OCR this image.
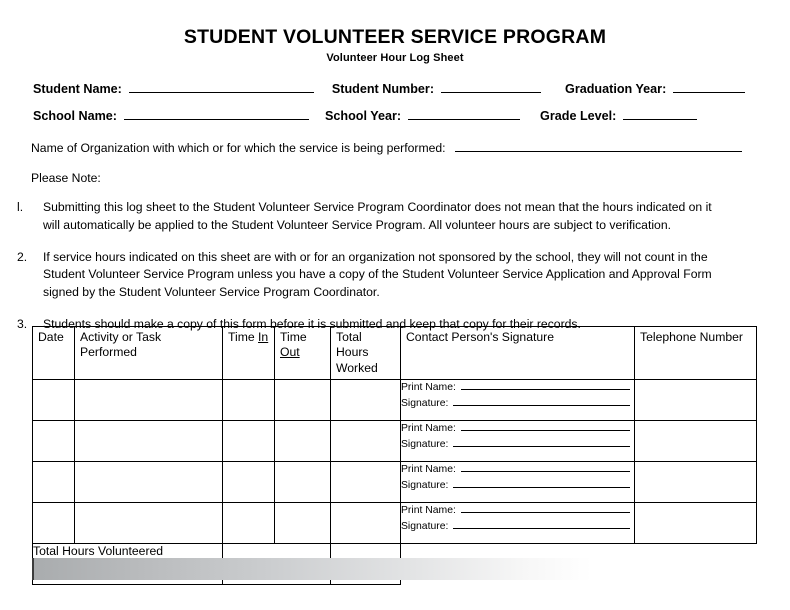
STUDENT VOLUNTEER SERVICE PROGRAM
Volunteer Hour Log Sheet
Student Name:	Student Number:	Graduation Year:
School Name:	School Year:	Grade Level:
Name of Organization with which or for which the service is being performed:
Please Note:
l.	Submitting this log sheet to the Student Volunteer Service Program Coordinator does not mean that the hours indicated on it will automatically be applied to the Student Volunteer Service Program. All volunteer hours are subject to verification.
2.	If service hours indicated on this sheet are with or for an organization not sponsored by the school, they will not count in the Student Volunteer Service Program unless you have a copy of the Student Volunteer Service Application and Approval Form signed by the Student Volunteer Service Program Coordinator.
3.	Students should make a copy of this form before it is submitted and keep that copy for their records.
Date	Activity or Task Performed	Time In	Time Out	Total Hours Worked	Contact Person's Signature	Telephone Number

					Print Name:
Signature:	

					Print Name:
Signature:	

					Print Name:
Signature:	

					Print Name:
Signature:	

Total Hours Volunteered						
